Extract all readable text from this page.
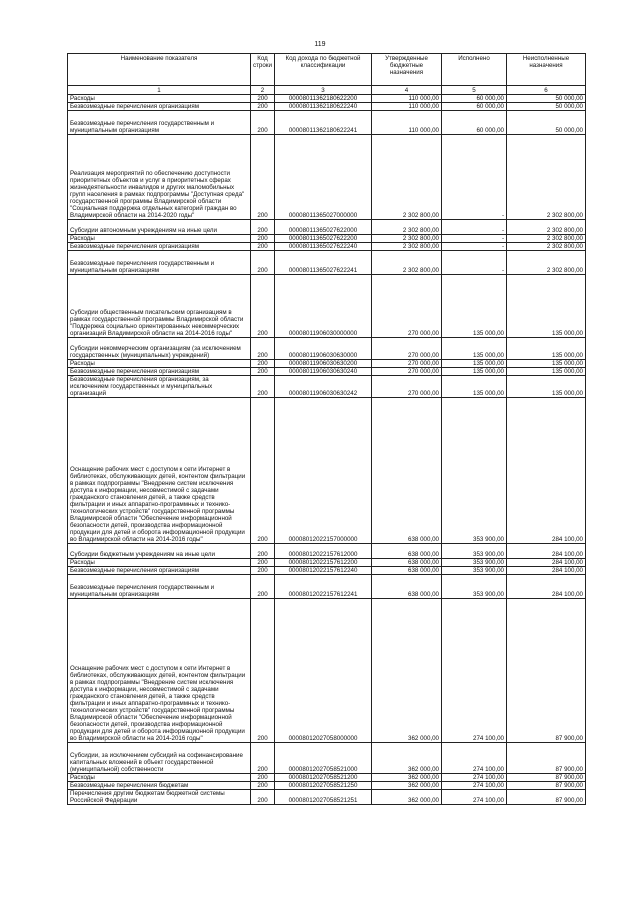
119
Наименование показателя	Код строки	Код дохода по бюджетной классификации	Утвержденные бюджетные назначения	Исполнено	Неисполненные назначения
1	2	3	4	5	6
Расходы	200	00008011362180622200	110 000,00	60 000,00	50 000,00
Безвозмездные перечисления организациям	200	00008011362180622240	110 000,00	60 000,00	50 000,00
Безвозмездные перечисления государственным и муниципальным организациям	200	00008011362180622241	110 000,00	60 000,00	50 000,00
Реализация мероприятий по обеспечению доступности приоритетных объектов и услуг в приоритетных сферах жизнедеятельности инвалидов и других маломобильных групп населения в рамках подпрограммы "Доступная среда" государственной программы Владимирской области "Социальная поддержка отдельных категорий граждан во Владимирской области на 2014-2020 годы"	200	00008011365027000000	2 302 800,00	-	2 302 800,00
Субсидии автономным учреждениям на иные цели	200	00008011365027622000	2 302 800,00	-	2 302 800,00
Расходы	200	00008011365027622200	2 302 800,00	-	2 302 800,00
Безвозмездные перечисления организациям	200	00008011365027622240	2 302 800,00	-	2 302 800,00
Безвозмездные перечисления государственным и муниципальным организациям	200	00008011365027622241	2 302 800,00	-	2 302 800,00
Субсидии общественным писательским организациям в рамках государственной программы Владимирской области "Поддержка социально ориентированных некоммерческих организаций Владимирской области на 2014-2016 годы"	200	00008011906030000000	270 000,00	135 000,00	135 000,00
Субсидии некоммерческим организациям (за исключением государственных (муниципальных) учреждений)	200	00008011906030630000	270 000,00	135 000,00	135 000,00
Расходы	200	00008011906030630200	270 000,00	135 000,00	135 000,00
Безвозмездные перечисления организациям	200	00008011906030630240	270 000,00	135 000,00	135 000,00
Безвозмездные перечисления организациям, за исключением государственных и муниципальных организаций	200	00008011906030630242	270 000,00	135 000,00	135 000,00
Оснащение рабочих мест с доступом к сети Интернет в библиотеках, обслуживающих детей, контентом фильтрации в рамках подпрограммы "Внедрение систем исключения доступа к информации, несовместимой с задачами гражданского становления детей, а также средств фильтрации и иных аппаратно-программных и технико-технологических устройств" государственной программы Владимирской области "Обеспечение информационной безопасности детей, производства информационной продукции для детей и оборота информационной продукции во Владимирской области на 2014-2016 годы"	200	00008012022157000000	638 000,00	353 900,00	284 100,00
Субсидии бюджетным учреждениям на иные цели	200	00008012022157612000	638 000,00	353 900,00	284 100,00
Расходы	200	00008012022157612200	638 000,00	353 900,00	284 100,00
Безвозмездные перечисления организациям	200	00008012022157612240	638 000,00	353 900,00	284 100,00
Безвозмездные перечисления государственным и муниципальным организациям	200	00008012022157612241	638 000,00	353 900,00	284 100,00
Оснащение рабочих мест с доступом к сети Интернет в библиотеках, обслуживающих детей, контентом фильтрации в рамках подпрограммы "Внедрение систем исключения доступа к информации, несовместимой с задачами гражданского становления детей, а также средств фильтрации и иных аппаратно-программных и технико-технологических устройств" государственной программы Владимирской области "Обеспечение информационной безопасности детей, производства информационной продукции для детей и оборота информационной продукции во Владимирской области на 2014-2016 годы"	200	00008012027058000000	362 000,00	274 100,00	87 900,00
Субсидии, за исключением субсидий на софинансирование капитальных вложений в объект государственной (муниципальной) собственности	200	00008012027058521000	362 000,00	274 100,00	87 900,00
Расходы	200	00008012027058521200	362 000,00	274 100,00	87 900,00
Безвозмездные перечисления бюджетам	200	00008012027058521250	362 000,00	274 100,00	87 900,00
Перечисления другим бюджетам бюджетной системы Российской Федерации	200	00008012027058521251	362 000,00	274 100,00	87 900,00
